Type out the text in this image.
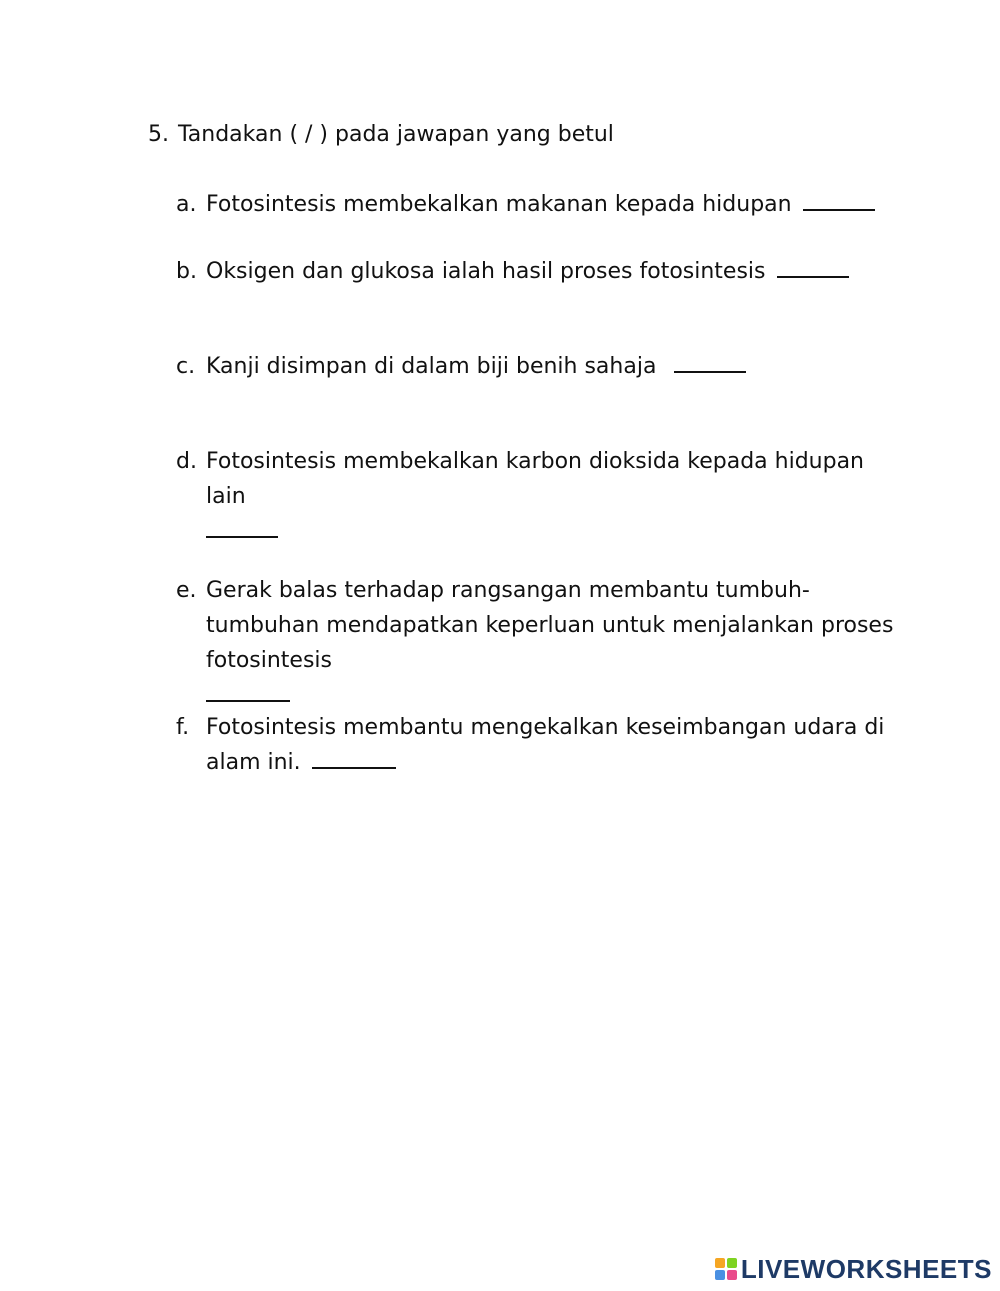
5. Tandakan ( / ) pada jawapan yang betul
a. Fotosintesis membekalkan makanan kepada hidupan
b. Oksigen dan glukosa ialah hasil proses fotosintesis
c. Kanji disimpan di dalam biji benih sahaja
d. Fotosintesis membekalkan karbon dioksida kepada hidupan lain

e. Gerak balas terhadap rangsangan membantu tumbuh-tumbuhan mendapatkan keperluan untuk menjalankan proses fotosintesis

f. Fotosintesis membantu mengekalkan keseimbangan udara di alam ini.
LIVEWORKSHEETS
